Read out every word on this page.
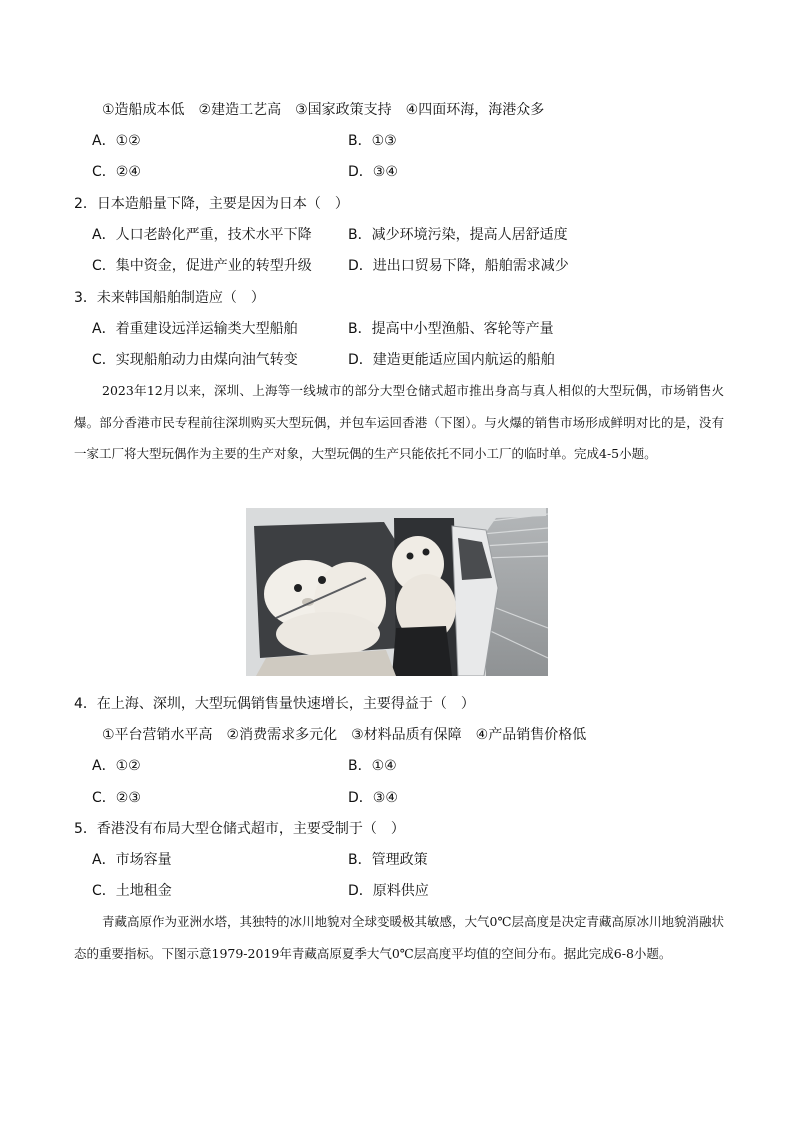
①造船成本低　②建造工艺高　③国家政策支持　④四面环海，海港众多
A．①②	B．①③
C．②④	D．③④
2．日本造船量下降，主要是因为日本（　）
A．人口老龄化严重，技术水平下降	B．减少环境污染，提高人居舒适度
C．集中资金，促进产业的转型升级	D．进出口贸易下降，船舶需求减少
3．未来韩国船舶制造应（　）
A．着重建设远洋运输类大型船舶	B．提高中小型渔船、客轮等产量
C．实现船舶动力由煤向油气转变	D．建造更能适应国内航运的船舶
2023年12月以来，深圳、上海等一线城市的部分大型仓储式超市推出身高与真人相似的大型玩偶，市场销售火爆。部分香港市民专程前往深圳购买大型玩偶，并包车运回香港（下图）。与火爆的销售市场形成鲜明对比的是，没有一家工厂将大型玩偶作为主要的生产对象，大型玩偶的生产只能依托不同小工厂的临时单。完成4-5小题。
4．在上海、深圳，大型玩偶销售量快速增长，主要得益于（　）
①平台营销水平高　②消费需求多元化　③材料品质有保障　④产品销售价格低
A．①②	B．①④
C．②③	D．③④
5．香港没有布局大型仓储式超市，主要受制于（　）
A．市场容量	B．管理政策
C．土地租金	D．原料供应
青藏高原作为亚洲水塔，其独特的冰川地貌对全球变暖极其敏感，大气0℃层高度是决定青藏高原冰川地貌消融状态的重要指标。下图示意1979-2019年青藏高原夏季大气0℃层高度平均值的空间分布。据此完成6-8小题。
